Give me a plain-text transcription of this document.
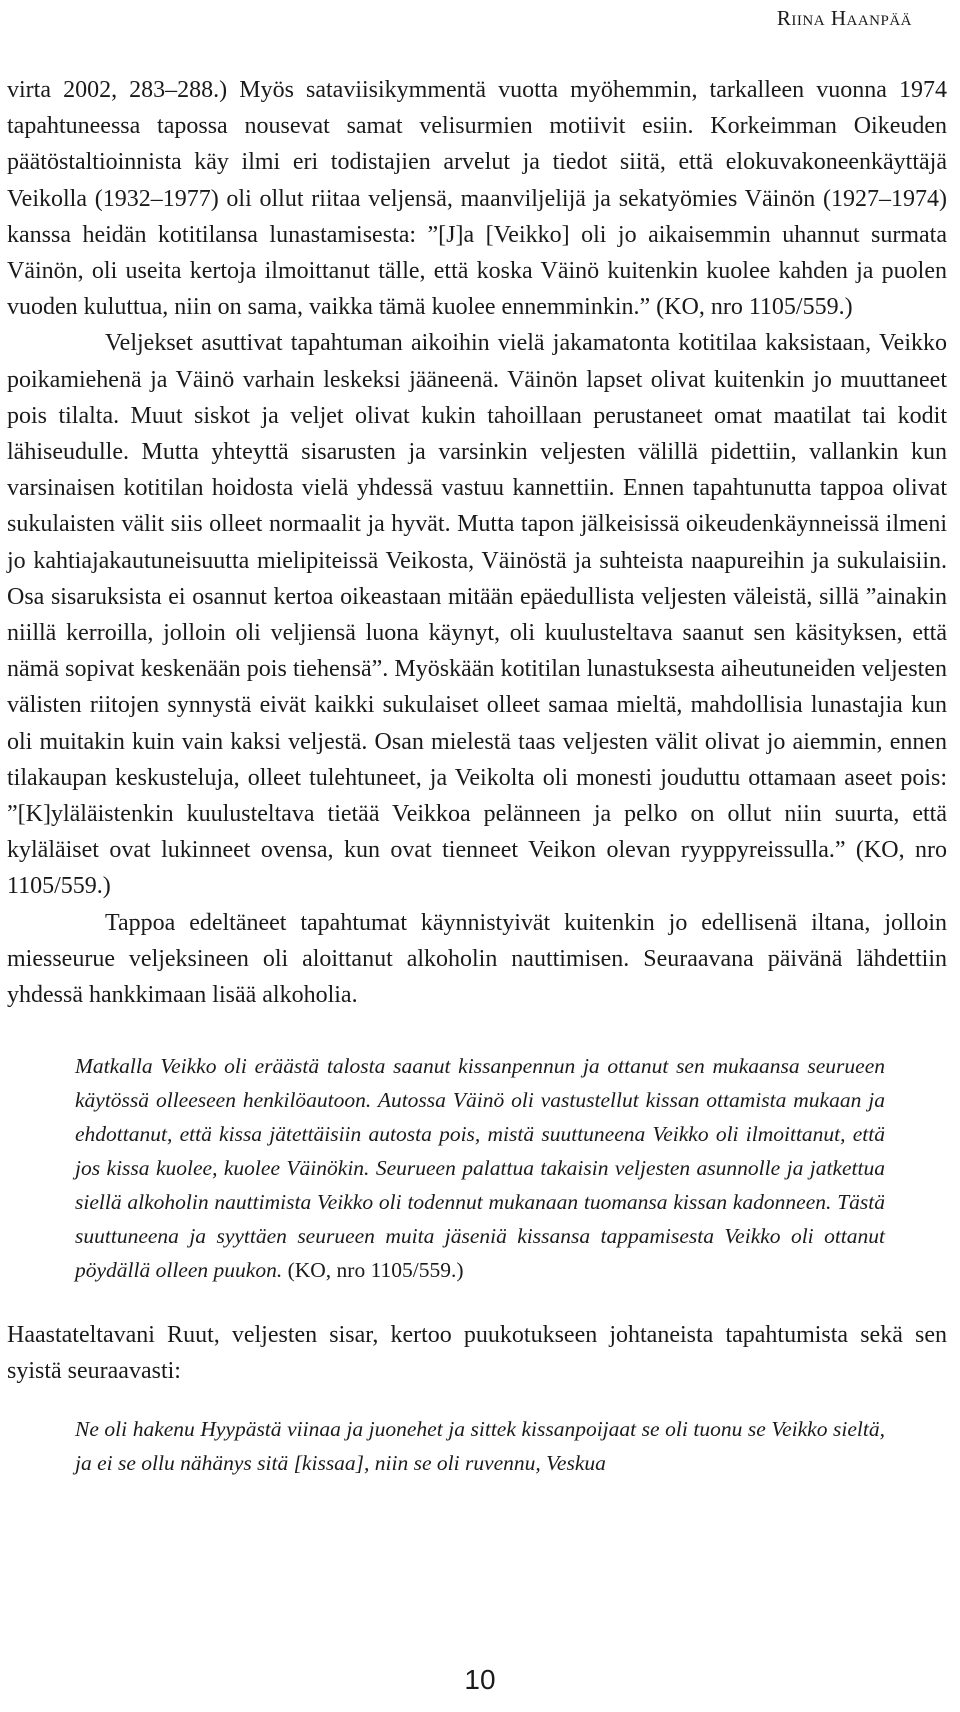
Riina Haanpää

virta 2002, 283–288.) Myös sataviisikymmentä vuotta myöhemmin, tarkalleen vuonna 1974 tapahtuneessa tapossa nousevat samat velisurmien motiivit esiin. Korkeimman Oikeuden päätöstaltioinnista käy ilmi eri todistajien arvelut ja tiedot siitä, että elokuvakoneenkäyttäjä Veikolla (1932–1977) oli ollut riitaa veljensä, maanviljelijä ja sekatyömies Väinön (1927–1974) kanssa heidän kotitilansa lunastamisesta: ”[J]a [Veikko] oli jo aikaisemmin uhannut surmata Väinön, oli useita kertoja ilmoittanut tälle, että koska Väinö kuitenkin kuolee kahden ja puolen vuoden kuluttua, niin on sama, vaikka tämä kuolee ennemminkin.” (KO, nro 1105/559.)

Veljekset asuttivat tapahtuman aikoihin vielä jakamatonta kotitilaa kaksistaan, Veikko poikamiehenä ja Väinö varhain leskeksi jääneenä. Väinön lapset olivat kuitenkin jo muuttaneet pois tilalta. Muut siskot ja veljet olivat kukin tahoillaan perustaneet omat maatilat tai kodit lähiseudulle. Mutta yhteyttä sisarusten ja varsinkin veljesten välillä pidettiin, vallankin kun varsinaisen kotitilan hoidosta vielä yhdessä vastuu kannettiin. Ennen tapahtunutta tappoa olivat sukulaisten välit siis olleet normaalit ja hyvät. Mutta tapon jälkeisissä oikeudenkäynneissä ilmeni jo kahtiajakautuneisuutta mielipiteissä Veikosta, Väinöstä ja suhteista naapureihin ja sukulaisiin. Osa sisaruksista ei osannut kertoa oikeastaan mitään epäedullista veljesten väleistä, sillä ”ainakin niillä kerroilla, jolloin oli veljiensä luona käynyt, oli kuulusteltava saanut sen käsityksen, että nämä sopivat keskenään pois tiehensä”. Myöskään kotitilan lunastuksesta aiheutuneiden veljesten välisten riitojen synnystä eivät kaikki sukulaiset olleet samaa mieltä, mahdollisia lunastajia kun oli muitakin kuin vain kaksi veljestä. Osan mielestä taas veljesten välit olivat jo aiemmin, ennen tilakaupan keskusteluja, olleet tulehtuneet, ja Veikolta oli monesti jouduttu ottamaan aseet pois: ”[K]yläläistenkin kuulusteltava tietää Veikkoa pelänneen ja pelko on ollut niin suurta, että kyläläiset ovat lukinneet ovensa, kun ovat tienneet Veikon olevan ryyppyreissulla.” (KO, nro 1105/559.)

Tappoa edeltäneet tapahtumat käynnistyivät kuitenkin jo edellisenä iltana, jolloin miesseurue veljeksineen oli aloittanut alkoholin nauttimisen. Seuraavana päivänä lähdettiin yhdessä hankkimaan lisää alkoholia.

Matkalla Veikko oli eräästä talosta saanut kissanpennun ja ottanut sen mukaansa seurueen käytössä olleeseen henkilöautoon. Autossa Väinö oli vastustellut kissan ottamista mukaan ja ehdottanut, että kissa jätettäisiin autosta pois, mistä suuttuneena Veikko oli ilmoittanut, että jos kissa kuolee, kuolee Väinökin. Seurueen palattua takaisin veljesten asunnolle ja jatkettua siellä alkoholin nauttimista Veikko oli todennut mukanaan tuomansa kissan kadonneen. Tästä suuttuneena ja syyttäen seurueen muita jäseniä kissansa tappamisesta Veikko oli ottanut pöydällä olleen puukon. (KO, nro 1105/559.)

Haastateltavani Ruut, veljesten sisar, kertoo puukotukseen johtaneista tapahtumista sekä sen syistä seuraavasti:

Ne oli hakenu Hyypästä viinaa ja juonehet ja sittek kissanpoijaat se oli tuonu se Veikko sieltä, ja ei se ollu nähänys sitä [kissaa], niin se oli ruvennu, Veskua
10
